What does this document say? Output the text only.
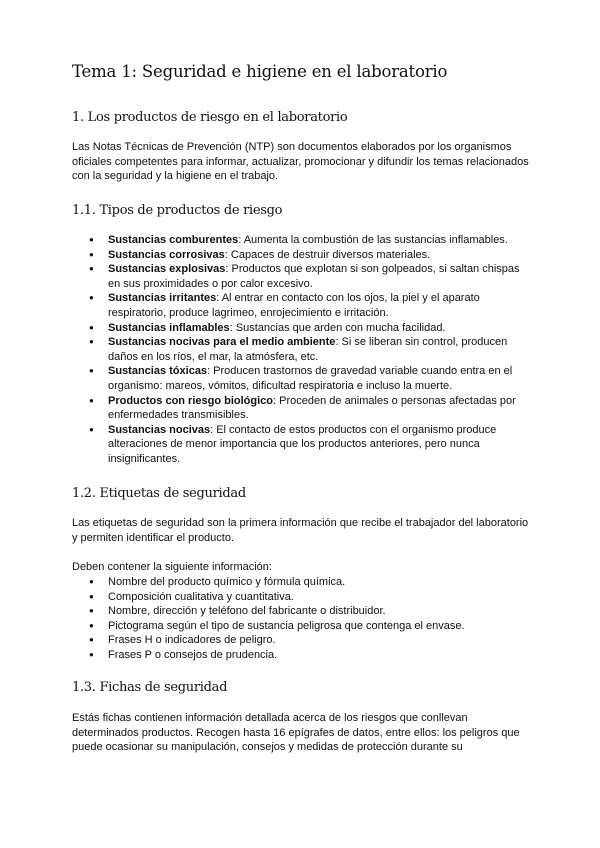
Tema 1: Seguridad e higiene en el laboratorio
1. Los productos de riesgo en el laboratorio

Las Notas Técnicas de Prevención (NTP) son documentos elaborados por los organismos oficiales competentes para informar, actualizar, promocionar y difundir los temas relacionados con la seguridad y la higiene en el trabajo.

1.1. Tipos de productos de riesgo
● Sustancias comburentes: Aumenta la combustión de las sustancias inflamables.
● Sustancias corrosivas: Capaces de destruir diversos materiales.
● Sustancias explosivas: Productos que explotan si son golpeados, si saltan chispas en sus proximidades o por calor excesivo.
● Sustancias irritantes: Al entrar en contacto con los ojos, la piel y el aparato respiratorio, produce lagrimeo, enrojecimiento e irritación.
● Sustancias inflamables: Sustancias que arden con mucha facilidad.
● Sustancias nocivas para el medio ambiente: Si se liberan sin control, producen daños en los ríos, el mar, la atmósfera, etc.
● Sustancias tóxicas: Producen trastornos de gravedad variable cuando entra en el organismo: mareos, vómitos, dificultad respiratoria e incluso la muerte.
● Productos con riesgo biológico: Proceden de animales o personas afectadas por enfermedades transmisibles.
● Sustancias nocivas: El contacto de estos productos con el organismo produce alteraciones de menor importancia que los productos anteriores, pero nunca insignificantes.
1.2. Etiquetas de seguridad

Las etiquetas de seguridad son la primera información que recibe el trabajador del laboratorio y permiten identificar el producto.

Deben contener la siguiente información:

● Nombre del producto químico y fórmula química.
● Composición cualitativa y cuantitativa.
● Nombre, dirección y teléfono del fabricante o distribuidor.
● Pictograma según el tipo de sustancia peligrosa que contenga el envase.
● Frases H o indicadores de peligro.
● Frases P o consejos de prudencia.
1.3. Fichas de seguridad

Estás fichas contienen información detallada acerca de los riesgos que conllevan determinados productos. Recogen hasta 16 epígrafes de datos, entre ellos: los peligros que puede ocasionar su manipulación, consejos y medidas de protección durante su
